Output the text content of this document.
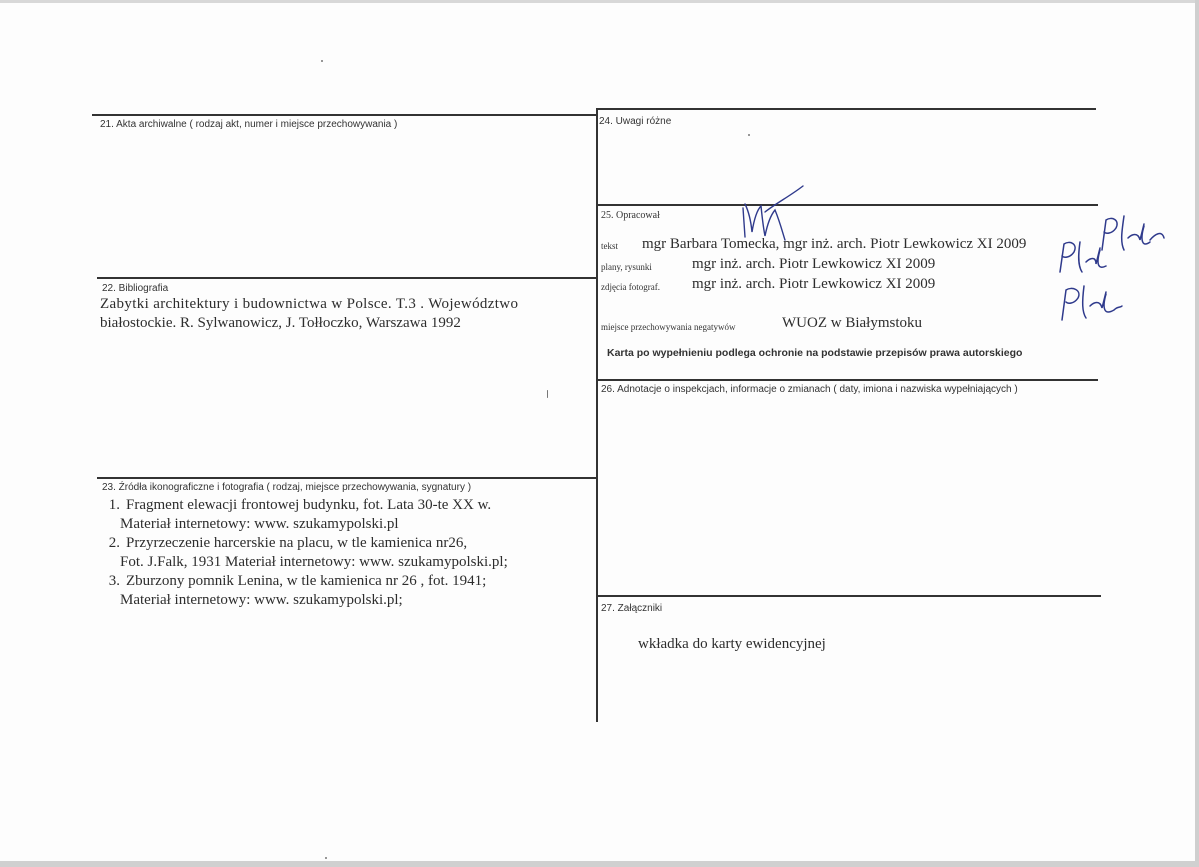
21. Akta archiwalne ( rodzaj akt, numer i miejsce przechowywania )
22. Bibliografia
Zabytki architektury i budownictwa w Polsce. T.3 . Województwo
białostockie. R. Sylwanowicz, J. Tołłoczko, Warszawa 1992
23. Źródła ikonograficzne i fotografia ( rodzaj, miejsce przechowywania, sygnatury )
1. Fragment elewacji frontowej budynku, fot. Lata 30-te XX w.
Materiał internetowy: www. szukamypolski.pl
2. Przyrzeczenie harcerskie na placu, w tle kamienica nr26,
Fot. J.Falk, 1931 Materiał internetowy: www. szukamypolski.pl;
3. Zburzony pomnik Lenina, w tle kamienica nr 26 , fot. 1941;
Materiał internetowy: www. szukamypolski.pl;
24. Uwagi różne
25. Opracował
tekst mgr Barbara Tomecka, mgr inż. arch. Piotr Lewkowicz XI 2009
plany, rysunki	mgr inż. arch. Piotr Lewkowicz XI 2009
zdjęcia fotograf. mgr inż. arch. Piotr Lewkowicz XI 2009
miejsce przechowywania negatywów	WUOZ w Białymstoku
Karta po wypełnieniu podlega ochronie na podstawie przepisów prawa autorskiego
26. Adnotacje o inspekcjach, informacje o zmianach ( daty, imiona i nazwiska wypełniających )
27. Załączniki
wkładka do karty ewidencyjnej
